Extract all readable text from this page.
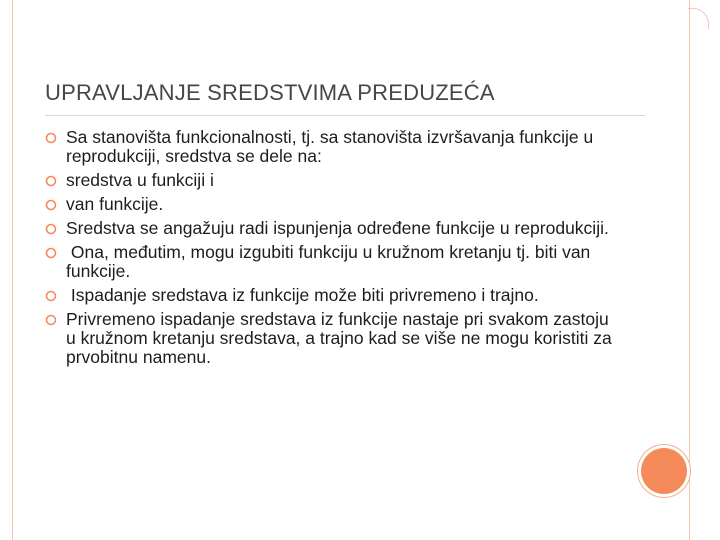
UPRAVLJANJE SREDSTVIMA PREDUZEĆA
Sa stanovišta funkcionalnosti, tj. sa stanovišta izvršavanja funkcije u reprodukciji, sredstva se dele na:
sredstva u funkciji i
van funkcije.
Sredstva se angažuju radi ispunjenja određene funkcije u reprodukciji.
Ona, međutim, mogu izgubiti funkciju u kružnom kretanju tj. biti van funkcije.
Ispadanje sredstava iz funkcije može biti privremeno i trajno.
Privremeno ispadanje sredstava iz funkcije nastaje pri svakom zastoju u kružnom kretanju sredstava, a trajno kad se više ne mogu koristiti za prvobitnu namenu.
